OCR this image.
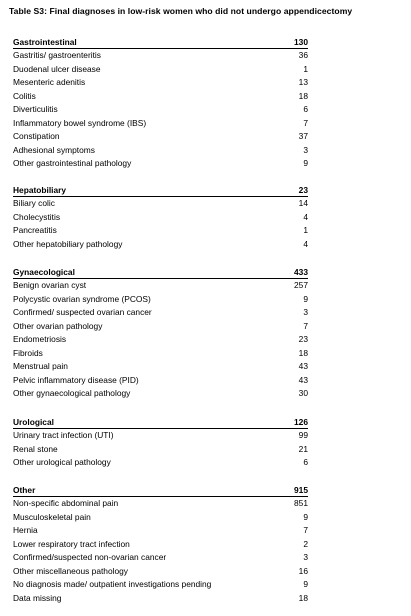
Table S3: Final diagnoses in low-risk women who did not undergo appendicectomy
Gastrointestinal	130
Gastritis/ gastroenteritis	36
Duodenal ulcer disease	1
Mesenteric adenitis	13
Colitis	18
Diverticulitis	6
Inflammatory bowel syndrome (IBS)	7
Constipation	37
Adhesional symptoms	3
Other gastrointestinal pathology	9
Hepatobiliary	23
Biliary colic	14
Cholecystitis	4
Pancreatitis	1
Other hepatobiliary pathology	4
Gynaecological	433
Benign ovarian cyst	257
Polycystic ovarian syndrome (PCOS)	9
Confirmed/ suspected ovarian cancer	3
Other ovarian pathology	7
Endometriosis	23
Fibroids	18
Menstrual pain	43
Pelvic inflammatory disease (PID)	43
Other gynaecological pathology	30
Urological	126
Urinary tract infection (UTI)	99
Renal stone	21
Other urological pathology	6
Other	915
Non-specific abdominal pain	851
Musculoskeletal pain	9
Hernia	7
Lower respiratory tract infection	2
Confirmed/suspected non-ovarian cancer	3
Other miscellaneous pathology	16
No diagnosis made/ outpatient investigations pending	9
Data missing	18
